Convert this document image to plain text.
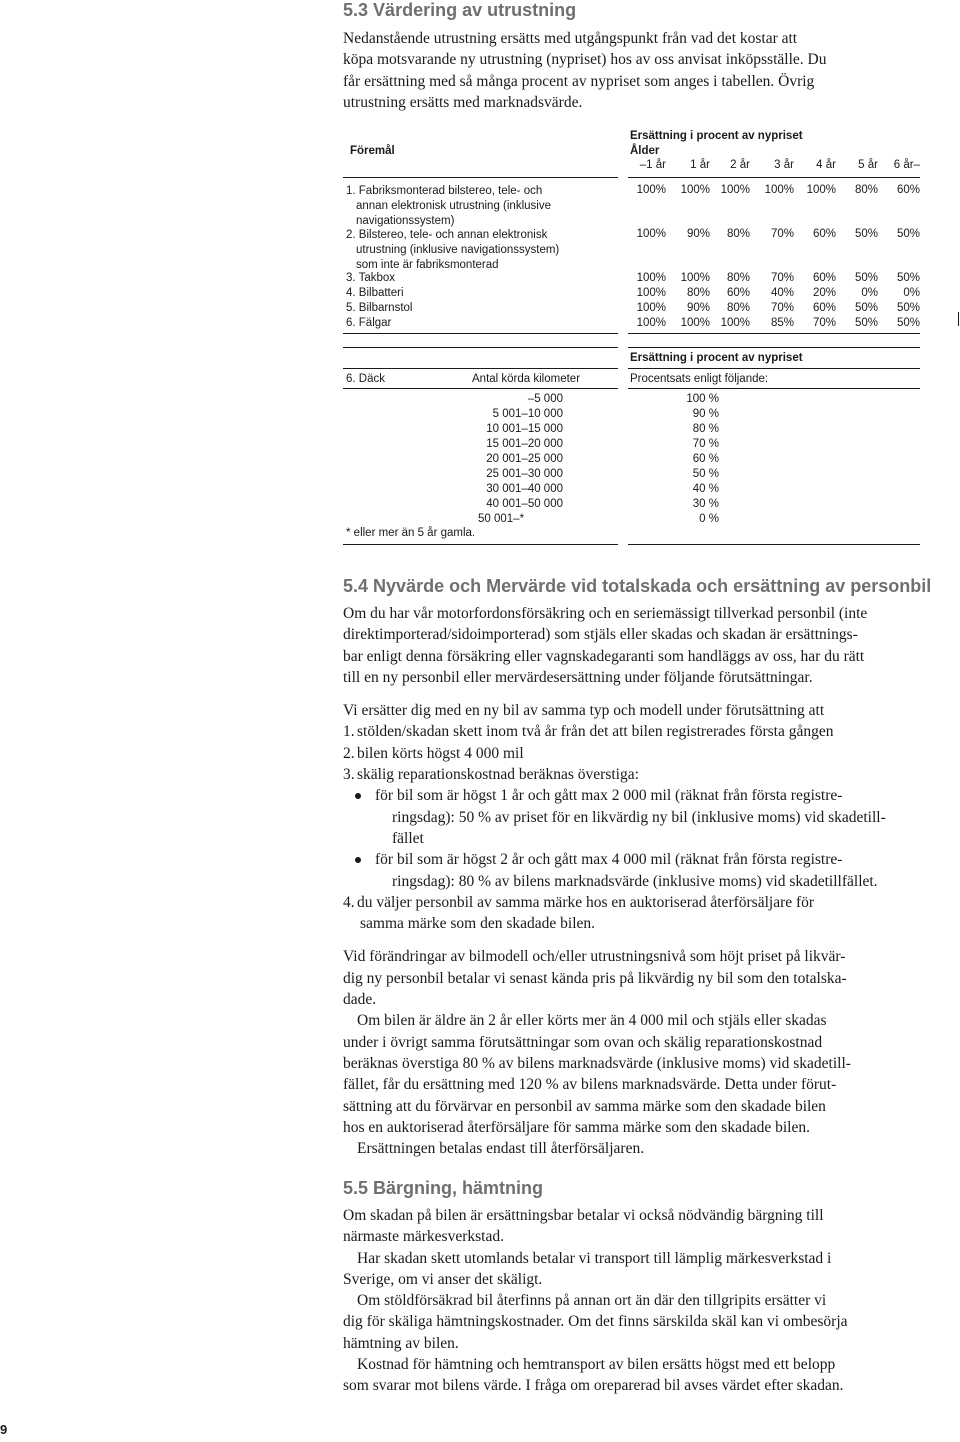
5.3 Värdering av utrustning

Nedanstående utrustning ersätts med utgångspunkt från vad det kostar att

köpa motsvarande ny utrustning (nypriset) hos av oss anvisat inköpsställe. Du

får ersättning med så många procent av nypriset som anges i tabellen. Övrig

utrustning ersätts med marknadsvärde.

Ersättning i procent av nypriset
Föremål	Ålder
–1 år	1 år	2 år	3 år	4 år	5 år	6 år–
1. Fabriksmonterad bilstereo, tele- och
annan elektronisk utrustning (inklusive
navigationssystem)
100%	100% 100%	100%	100%	80%	60%
2. Bilstereo, tele- och annan elektronisk
utrustning (inklusive navigationssystem)
som inte är fabriksmonterad
100%	90%	80%	70%	60%	50%	50%
3. Takbox	100%	100%	80%	70%	60%	50%	50%
4. Bilbatteri	100%	80%	60%	40%	20%	0%	0%
5. Bilbarnstol	100%	90%	80%	70%	60%	50%	50%
6. Fälgar	100%	100% 100%	85%	70%	50%	50%
Ersättning i procent av nypriset
6. Däck	Antal körda kilometer	Procentsats enligt följande:
–5 000	100 %
5 001–10 000	90 %
10 001–15 000	80 %
15 001–20 000	70 %
20 001–25 000	60 %
25 001–30 000	50 %
30 001–40 000	40 %
40 001–50 000	30 %
50 001–*	0 %
* eller mer än 5 år gamla.
5.4 Nyvärde och Mervärde vid totalskada och ersättning av personbil

Om du har vår motorfordonsförsäkring och en seriemässigt tillverkad personbil (inte

direktimporterad/sidoimporterad) som stjäls eller skadas och skadan är ersättnings-

bar enligt denna försäkring eller vagnskadegaranti som handläggs av oss, har du rätt

till en ny personbil eller mervärdesersättning under följande förutsättningar.

Vi ersätter dig med en ny bil av samma typ och modell under förutsättning att

1. stölden/skadan skett inom två år från det att bilen registrerades första gången
2. bilen körts högst 4 000 mil
3. skälig reparationskostnad beräknas överstiga:

för bil som är högst 1 år och gått max 2 000 mil (räknat från första registre-

ringsdag): 50 % av priset för en likvärdig ny bil (inklusive moms) vid skadetill-

fället

för bil som är högst 2 år och gått max 4 000 mil (räknat från första registre-

ringsdag): 80 % av bilens marknadsvärde (inklusive moms) vid skadetillfället.

4. du väljer personbil av samma märke hos en auktoriserad återförsäljare för

samma märke som den skadade bilen.

Vid förändringar av bilmodell och/eller utrustningsnivå som höjt priset på likvär-

dig ny personbil betalar vi senast kända pris på likvärdig ny bil som den totalska-

dade.

Om bilen är äldre än 2 år eller körts mer än 4 000 mil och stjäls eller skadas

under i övrigt samma förutsättningar som ovan och skälig reparationskostnad

beräknas överstiga 80 % av bilens marknadsvärde (inklusive moms) vid skadetill-

fället, får du ersättning med 120 % av bilens marknadsvärde. Detta under förut-

sättning att du förvärvar en personbil av samma märke som den skadade bilen

hos en auktoriserad återförsäljare för samma märke som den skadade bilen.

Ersättningen betalas endast till återförsäljaren.

5.5 Bärgning, hämtning

Om skadan på bilen är ersättningsbar betalar vi också nödvändig bärgning till

närmaste märkesverkstad.

Har skadan skett utomlands betalar vi transport till lämplig märkesverkstad i

Sverige, om vi anser det skäligt.

Om stöldförsäkrad bil återfinns på annan ort än där den tillgripits ersätter vi

dig för skäliga hämtningskostnader. Om det finns särskilda skäl kan vi ombesörja

hämtning av bilen.

Kostnad för hämtning och hemtransport av bilen ersätts högst med ett belopp

som svarar mot bilens värde. I fråga om oreparerad bil avses värdet efter skadan.

9
